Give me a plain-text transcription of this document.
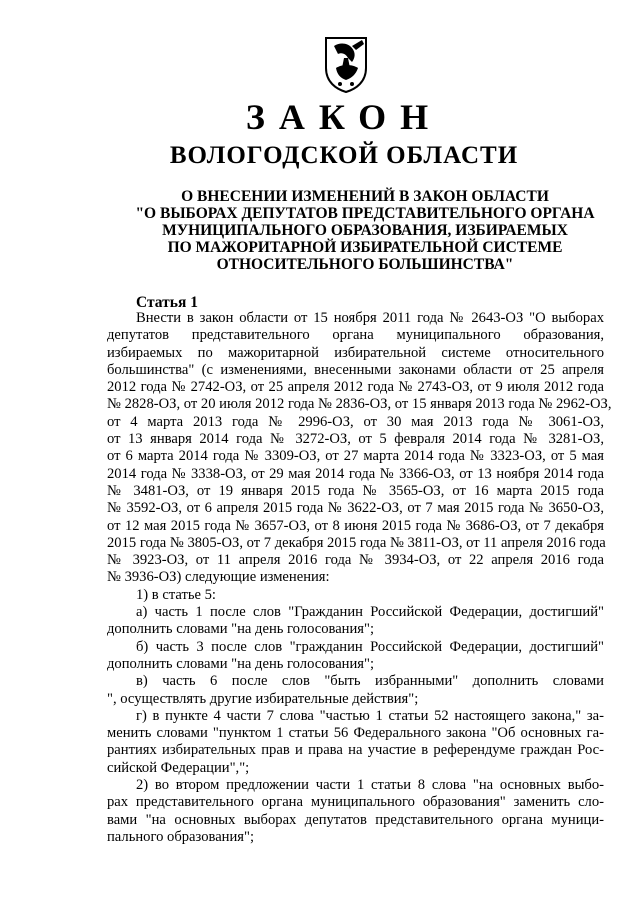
ЗАКОН
ВОЛОГОДСКОЙ ОБЛАСТИ
О ВНЕСЕНИИ ИЗМЕНЕНИЙ В ЗАКОН ОБЛАСТИ
"О ВЫБОРАХ ДЕПУТАТОВ ПРЕДСТАВИТЕЛЬНОГО ОРГАНА
МУНИЦИПАЛЬНОГО ОБРАЗОВАНИЯ, ИЗБИРАЕМЫХ
ПО МАЖОРИТАРНОЙ ИЗБИРАТЕЛЬНОЙ СИСТЕМЕ
ОТНОСИТЕЛЬНОГО БОЛЬШИНСТВА"
Статья 1
Внести в закон области от 15 ноября 2011 года № 2643-ОЗ "О выборах
депутатов представительного органа муниципального образования,
избираемых по мажоритарной избирательной системе относительного
большинства" (с изменениями, внесенными законами области от 25 апреля
2012 года № 2742-ОЗ, от 25 апреля 2012 года № 2743-ОЗ, от 9 июля 2012 года
№ 2828-ОЗ, от 20 июля 2012 года № 2836-ОЗ, от 15 января 2013 года № 2962-ОЗ,
от 4 марта 2013 года № 2996-ОЗ, от 30 мая 2013 года № 3061-ОЗ,
от 13 января 2014 года № 3272-ОЗ, от 5 февраля 2014 года № 3281-ОЗ,
от 6 марта 2014 года № 3309-ОЗ, от 27 марта 2014 года № 3323-ОЗ, от 5 мая
2014 года № 3338-ОЗ, от 29 мая 2014 года № 3366-ОЗ, от 13 ноября 2014 года
№ 3481-ОЗ, от 19 января 2015 года № 3565-ОЗ, от 16 марта 2015 года
№ 3592-ОЗ, от 6 апреля 2015 года № 3622-ОЗ, от 7 мая 2015 года № 3650-ОЗ,
от 12 мая 2015 года № 3657-ОЗ, от 8 июня 2015 года № 3686-ОЗ, от 7 декабря
2015 года № 3805-ОЗ, от 7 декабря 2015 года № 3811-ОЗ, от 11 апреля 2016 года
№ 3923-ОЗ, от 11 апреля 2016 года № 3934-ОЗ, от 22 апреля 2016 года
№ 3936-ОЗ) следующие изменения:
1) в статье 5:
а) часть 1 после слов "Гражданин Российской Федерации, достигший"
дополнить словами "на день голосования";
б) часть 3 после слов "гражданин Российской Федерации, достигший"
дополнить словами "на день голосования";
в) часть 6 после слов "быть избранными" дополнить словами
", осуществлять другие избирательные действия";
г) в пункте 4 части 7 слова "частью 1 статьи 52 настоящего закона," за-
менить словами "пунктом 1 статьи 56 Федерального закона "Об основных га-
рантиях избирательных прав и права на участие в референдуме граждан Рос-
сийской Федерации",";
2) во втором предложении части 1 статьи 8 слова "на основных выбо-
рах представительного органа муниципального образования" заменить сло-
вами "на основных выборах депутатов представительного органа муници-
пального образования";
